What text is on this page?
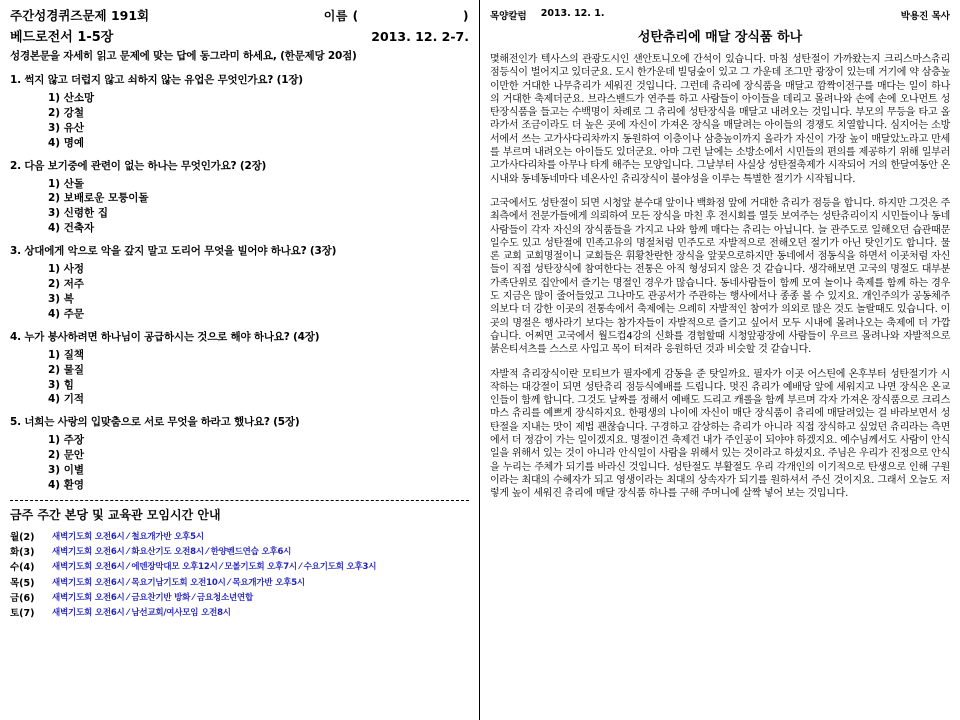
주간성경퀴즈문제 191회	이름 (	)
베드로전서 1-5장	2013. 12. 2-7.
성경본문을 자세히 읽고 문제에 맞는 답에 동그라미 하세요, (한문제당 20점)
1. 썩지 않고 더럽지 않고 쇠하지 않는 유업은 무엇인가요? (1장)
1) 산소망
2) 강철
3) 유산
4) 명예
2. 다음 보기중에 관련이 없는 하나는 무엇인가요? (2장)
1) 산돌
2) 보배로운 모퉁이돌
3) 신령한 집
4) 건축자
3. 상대에게 악으로 악을 갚지 말고 도리어 무엇을 빌어야 하나요? (3장)
1) 사정
2) 저주
3) 복
4) 주문
4. 누가 봉사하려면 하나님이 공급하시는 것으로 해야 하나요? (4장)
1) 질책
2) 물질
3) 힘
4) 기적
5. 너희는 사랑의 입맞춤으로 서로 무엇을 하라고 했나요? (5장)
1) 주장
2) 문안
3) 이별
4) 환영
금주 주간 본당 및 교육관 모임시간 안내
월(2)	새벽기도회 오전6시 ⁄ 철요개가반 오후5시
화(3)	새벽기도회 오전6시 ⁄ 화요산기도 오전8시 ⁄ 한양벤드연습 오후6시
수(4)	새벽기도회 오전6시 ⁄ 에덴장막대모 오후12시 ⁄ 모볼기도회 오후7시 ⁄ 수요기도회 오후3시
목(5)	새벽기도회 오전6시 ⁄ 목요기남기도회 오전10시 ⁄ 목요개가반 오후5시
금(6)	새벽기도회 오전6시 ⁄ 금요찬기반 방화 ⁄ 금요청소년연합
토(7)	새벽기도회 오전6시 ⁄ 남선교회/여사모임 오전8시
목양칼럼 2013. 12. 1.	박용진 목사
성탄츄리에 매달 장식품 하나

몇해전인가 텍사스의 관광도시인 샌안토니오에 간석이 있습니다. 마침 성탄절이 가까왔는지 크리스마스츄리 점등식이 벌어지고 있더군요. 도시 한가운데 빌딩숲이 있고 그 가운데 조그만 광장이 있는데 거기에 약 삼층높이만한 거대한 나무츄리가 세워진 것입니다. 그런데 츄리에 장식품을 매달고 깜짝이전구를 매다는 일이 하나의 거대한 축제더군요. 브라스밴드가 연주를 하고 사람들이 아이들을 데리고 몰려나와 손에 손에 오나먼트 성탄장식품을 들고는 수백명이 차례로 그 츄리에 성탄장식을 매달고 내려오는 것입니다. 부모의 무등을 타고 올라가서 조금이라도 더 높은 곳에 자신이 가져온 장식을 매달려는 아이들의 경쟁도 치열합니다. 심지어는 소방서에서 쓰는 고가사다리차까지 동원하여 이층이나 삼층높이까지 올라가 자신이 가장 높이 매달았노라고 만세를 부르며 내려오는 아이들도 있더군요. 아마 그런 날에는 소방소에서 시민들의 편의를 제공하기 위해 일부러 고가사다리차를 아무나 타게 해주는 모양입니다. 그날부터 사실상 성탄절축제가 시작되어 거의 한달여동안 온시내와 동네동네마다 네온사인 츄리장식이 불야성을 이루는 특별한 절기가 시작됩니다.

고국에서도 성탄절이 되면 시청앞 분수대 앞이나 백화점 앞에 거대한 츄리가 점등을 합니다. 하지만 그것은 주최측에서 전문가들에게 의뢰하여 모든 장식을 마친 후 전시회를 열듯 보여주는 성탄츄리이지 시민들이나 동네사람들이 각자 자신의 장식품들을 가지고 나와 함께 매다는 츄리는 아닙니다. 늘 관주도로 일해오던 습관때문일수도 있고 성탄절에 민족고유의 명절처럼 민주도로 자발적으로 전해오던 절기가 아닌 탓인기도 합니다. 물론 교회 교회명절이니 교회들은 휘황찬란한 장식을 앞꿎으로하지만 동네에서 점동식을 하면서 이곳처럼 자신들이 직접 성탄장식에 참여한다는 전통은 아직 형성되지 않은 것 같습니다. 생각해보면 고국의 명절도 대부분 가족단위로 집안에서 즐기는 명절인 경우가 많습니다. 동네사람들이 함께 모여 놀이나 축제를 함께 하는 경우도 지금은 많이 줄어들었고 그나마도 관공서가 주관하는 행사에서나 종종 볼 수 있지요. 개인주의가 공동체주의보다 더 강한 이곳의 전통속에서 축제에는 으례히 자발적인 참여가 의외로 많은 것도 놀랄때도 있습니다. 이곳의 명절은 행사라기 보다는 참가자들이 자발적으로 즐기고 싶어서 모두 시내에 몰려나오는 축제에 더 가깝습니다. 어쩌면 고국에서 월드컵4강의 신화를 경험할때 시청앞광장에 사람들이 우르르 몰려나와 자발적으로 붉은티셔츠를 스스로 사입고 목이 터져라 응원하던 것과 비슷할 것 같습니다.

자발적 츄리장식이란 모티브가 필자에게 감동을 준 탓일까요. 필자가 이곳 어스틴에 온후부터 성탄절기가 시작하는 대강절이 되면 성탄츄리 점등식예배를 드립니다. 멋진 츄리가 예배당 앞에 세워지고 나면 장식은 온교인들이 함께 합니다. 그것도 날짜를 정해서 예배도 드리고 캐롤을 함께 부르며 각자 가져온 장식품으로 크리스마스 츄리를 예쁘게 장식하지요. 한평생의 나이에 자신이 매단 장식품이 츄리에 매달려있는 걸 바라보면서 성탄절을 지내는 맛이 제법 괜찮습니다. 구경하고 감상하는 츄리가 아니라 직접 장식하고 싶었던 츄리라는 측면에서 더 정감이 가는 일이겠지요. 명절이건 축제건 내가 주인공이 되야야 하겠지요. 예수님께서도 사람이 안식일을 위해서 있는 것이 아니라 안식일이 사람을 위해서 있는 것이라고 하셨지요. 주님은 우리가 진정으로 안식을 누리는 주체가 되기를 바라신 것입니다. 성탄절도 부활절도 우리 각개인의 이기적으로 탄생으로 인해 구원이라는 최대의 수혜자가 되고 영생이라는 최대의 상속자가 되기를 원하셔서 주신 것이지요. 그래서 오늘도 저렇게 높이 세워진 츄리에 매달 장식품 하나를 구해 주머니에 살짝 넣어 보는 것입니다.
